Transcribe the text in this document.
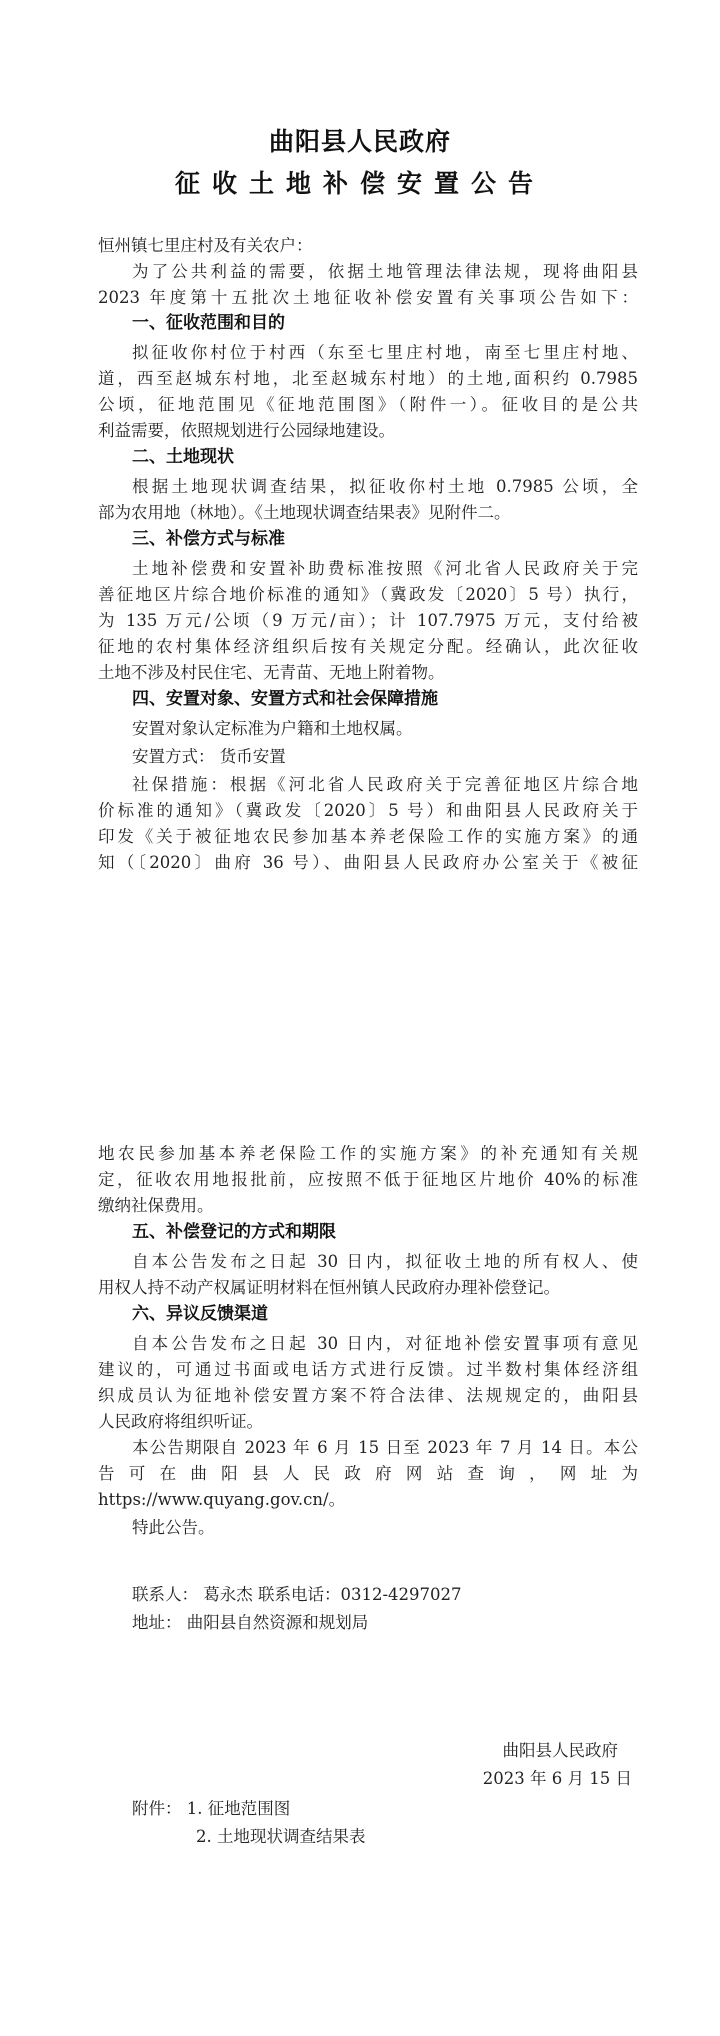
曲阳县人民政府
征收土地补偿安置公告
恒州镇七里庄村及有关农户：
为了公共利益的需要，依据土地管理法律法规，现将曲阳县
2023 年度第十五批次土地征收补偿安置有关事项公告如下：
一、征收范围和目的
拟征收你村位于村西（东至七里庄村地，南至七里庄村地、
道，西至赵城东村地，北至赵城东村地）的土地,面积约 0.7985
公顷，征地范围见《征地范围图》（附件一）。征收目的是公共
利益需要，依照规划进行公园绿地建设。
二、土地现状
根据土地现状调查结果，拟征收你村土地 0.7985 公顷，全
部为农用地（林地）。《土地现状调查结果表》见附件二。
三、补偿方式与标准
土地补偿费和安置补助费标准按照《河北省人民政府关于完
善征地区片综合地价标准的通知》（冀政发〔2020〕5 号）执行，
为 135 万元/公顷（9 万元/亩）；计 107.7975 万元，支付给被
征地的农村集体经济组织后按有关规定分配。经确认，此次征收
土地不涉及村民住宅、无青苗、无地上附着物。
四、安置对象、安置方式和社会保障措施
安置对象认定标准为户籍和土地权属。
安置方式： 货币安置
社保措施：根据《河北省人民政府关于完善征地区片综合地
价标准的通知》（冀政发〔2020〕5 号）和曲阳县人民政府关于
印发《关于被征地农民参加基本养老保险工作的实施方案》的通
知（〔2020〕曲府 36 号）、曲阳县人民政府办公室关于《被征
地农民参加基本养老保险工作的实施方案》的补充通知有关规
定，征收农用地报批前，应按照不低于征地区片地价 40%的标准
缴纳社保费用。
五、补偿登记的方式和期限
自本公告发布之日起 30 日内，拟征收土地的所有权人、使
用权人持不动产权属证明材料在恒州镇人民政府办理补偿登记。
六、异议反馈渠道
自本公告发布之日起 30 日内，对征地补偿安置事项有意见
建议的，可通过书面或电话方式进行反馈。过半数村集体经济组
织成员认为征地补偿安置方案不符合法律、法规规定的，曲阳县
人民政府将组织听证。
本公告期限自 2023 年 6 月 15 日至 2023 年 7 月 14 日。本公
告 可 在 曲 阳 县 人 民 政 府 网 站 查 询 ， 网 址 为
https://www.quyang.gov.cn/。
特此公告。
联系人： 葛永杰 联系电话：0312-4297027
地址： 曲阳县自然资源和规划局
曲阳县人民政府
2023 年 6 月 15 日
附件： 1. 征地范围图
2. 土地现状调查结果表
